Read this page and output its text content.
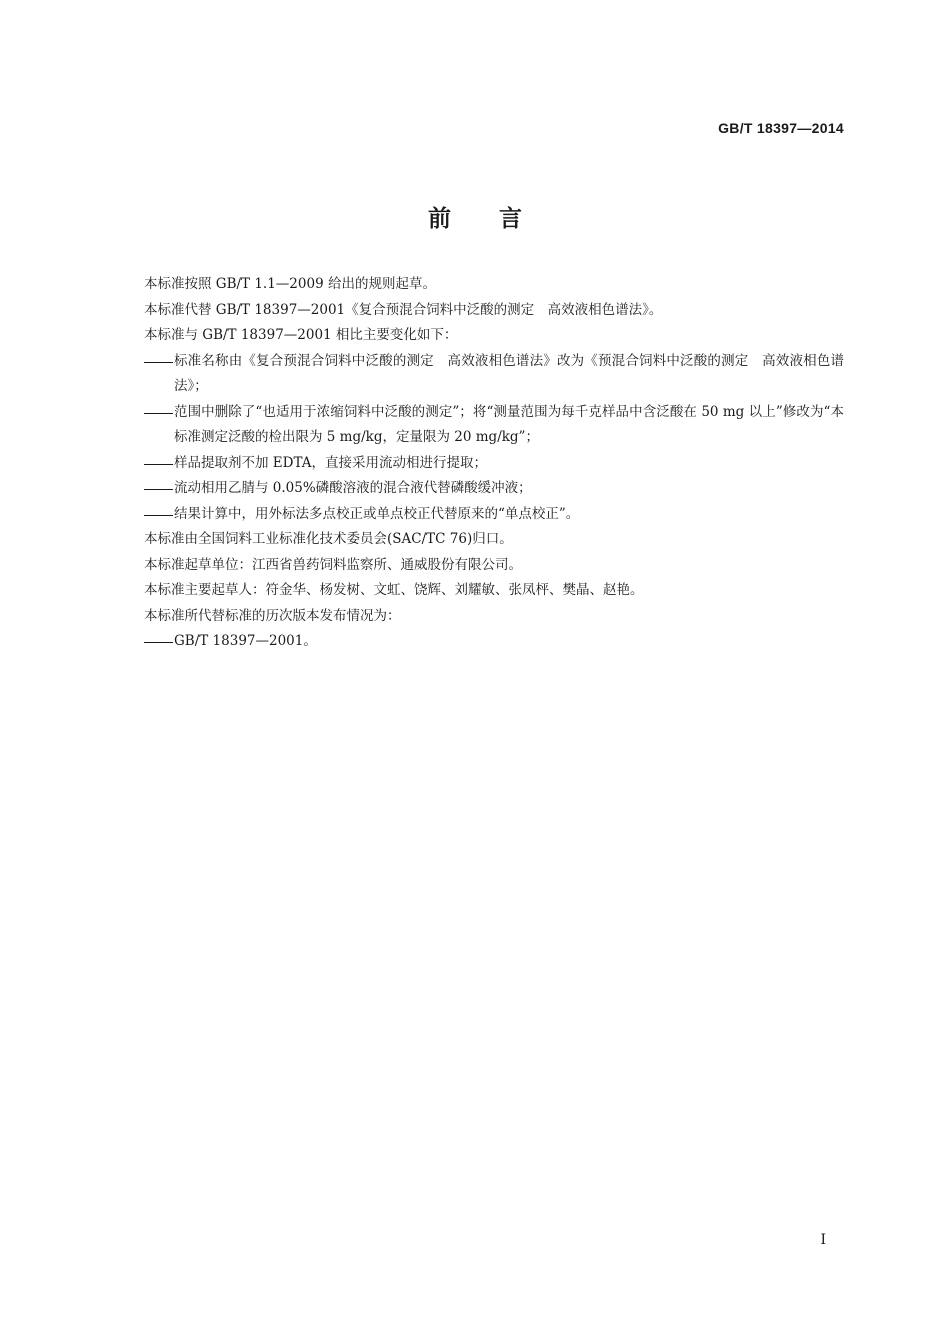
GB/T 18397—2014
前言
本标准按照 GB/T 1.1—2009 给出的规则起草。
本标准代替 GB/T 18397—2001《复合预混合饲料中泛酸的测定　高效液相色谱法》。
本标准与 GB/T 18397—2001 相比主要变化如下：
标准名称由《复合预混合饲料中泛酸的测定　高效液相色谱法》改为《预混合饲料中泛酸的测定　高效液相色谱法》；
范围中删除了“也适用于浓缩饲料中泛酸的测定”；将“测量范围为每千克样品中含泛酸在 50 mg 以上”修改为“本标准测定泛酸的检出限为 5 mg/kg，定量限为 20 mg/kg”；
样品提取剂不加 EDTA，直接采用流动相进行提取；
流动相用乙腈与 0.05%磷酸溶液的混合液代替磷酸缓冲液；
结果计算中，用外标法多点校正或单点校正代替原来的“单点校正”。
本标准由全国饲料工业标准化技术委员会(SAC/TC 76)归口。
本标准起草单位：江西省兽药饲料监察所、通威股份有限公司。
本标准主要起草人：符金华、杨发树、文虹、饶辉、刘耀敏、张凤枰、樊晶、赵艳。
本标准所代替标准的历次版本发布情况为：
GB/T 18397—2001。
I
